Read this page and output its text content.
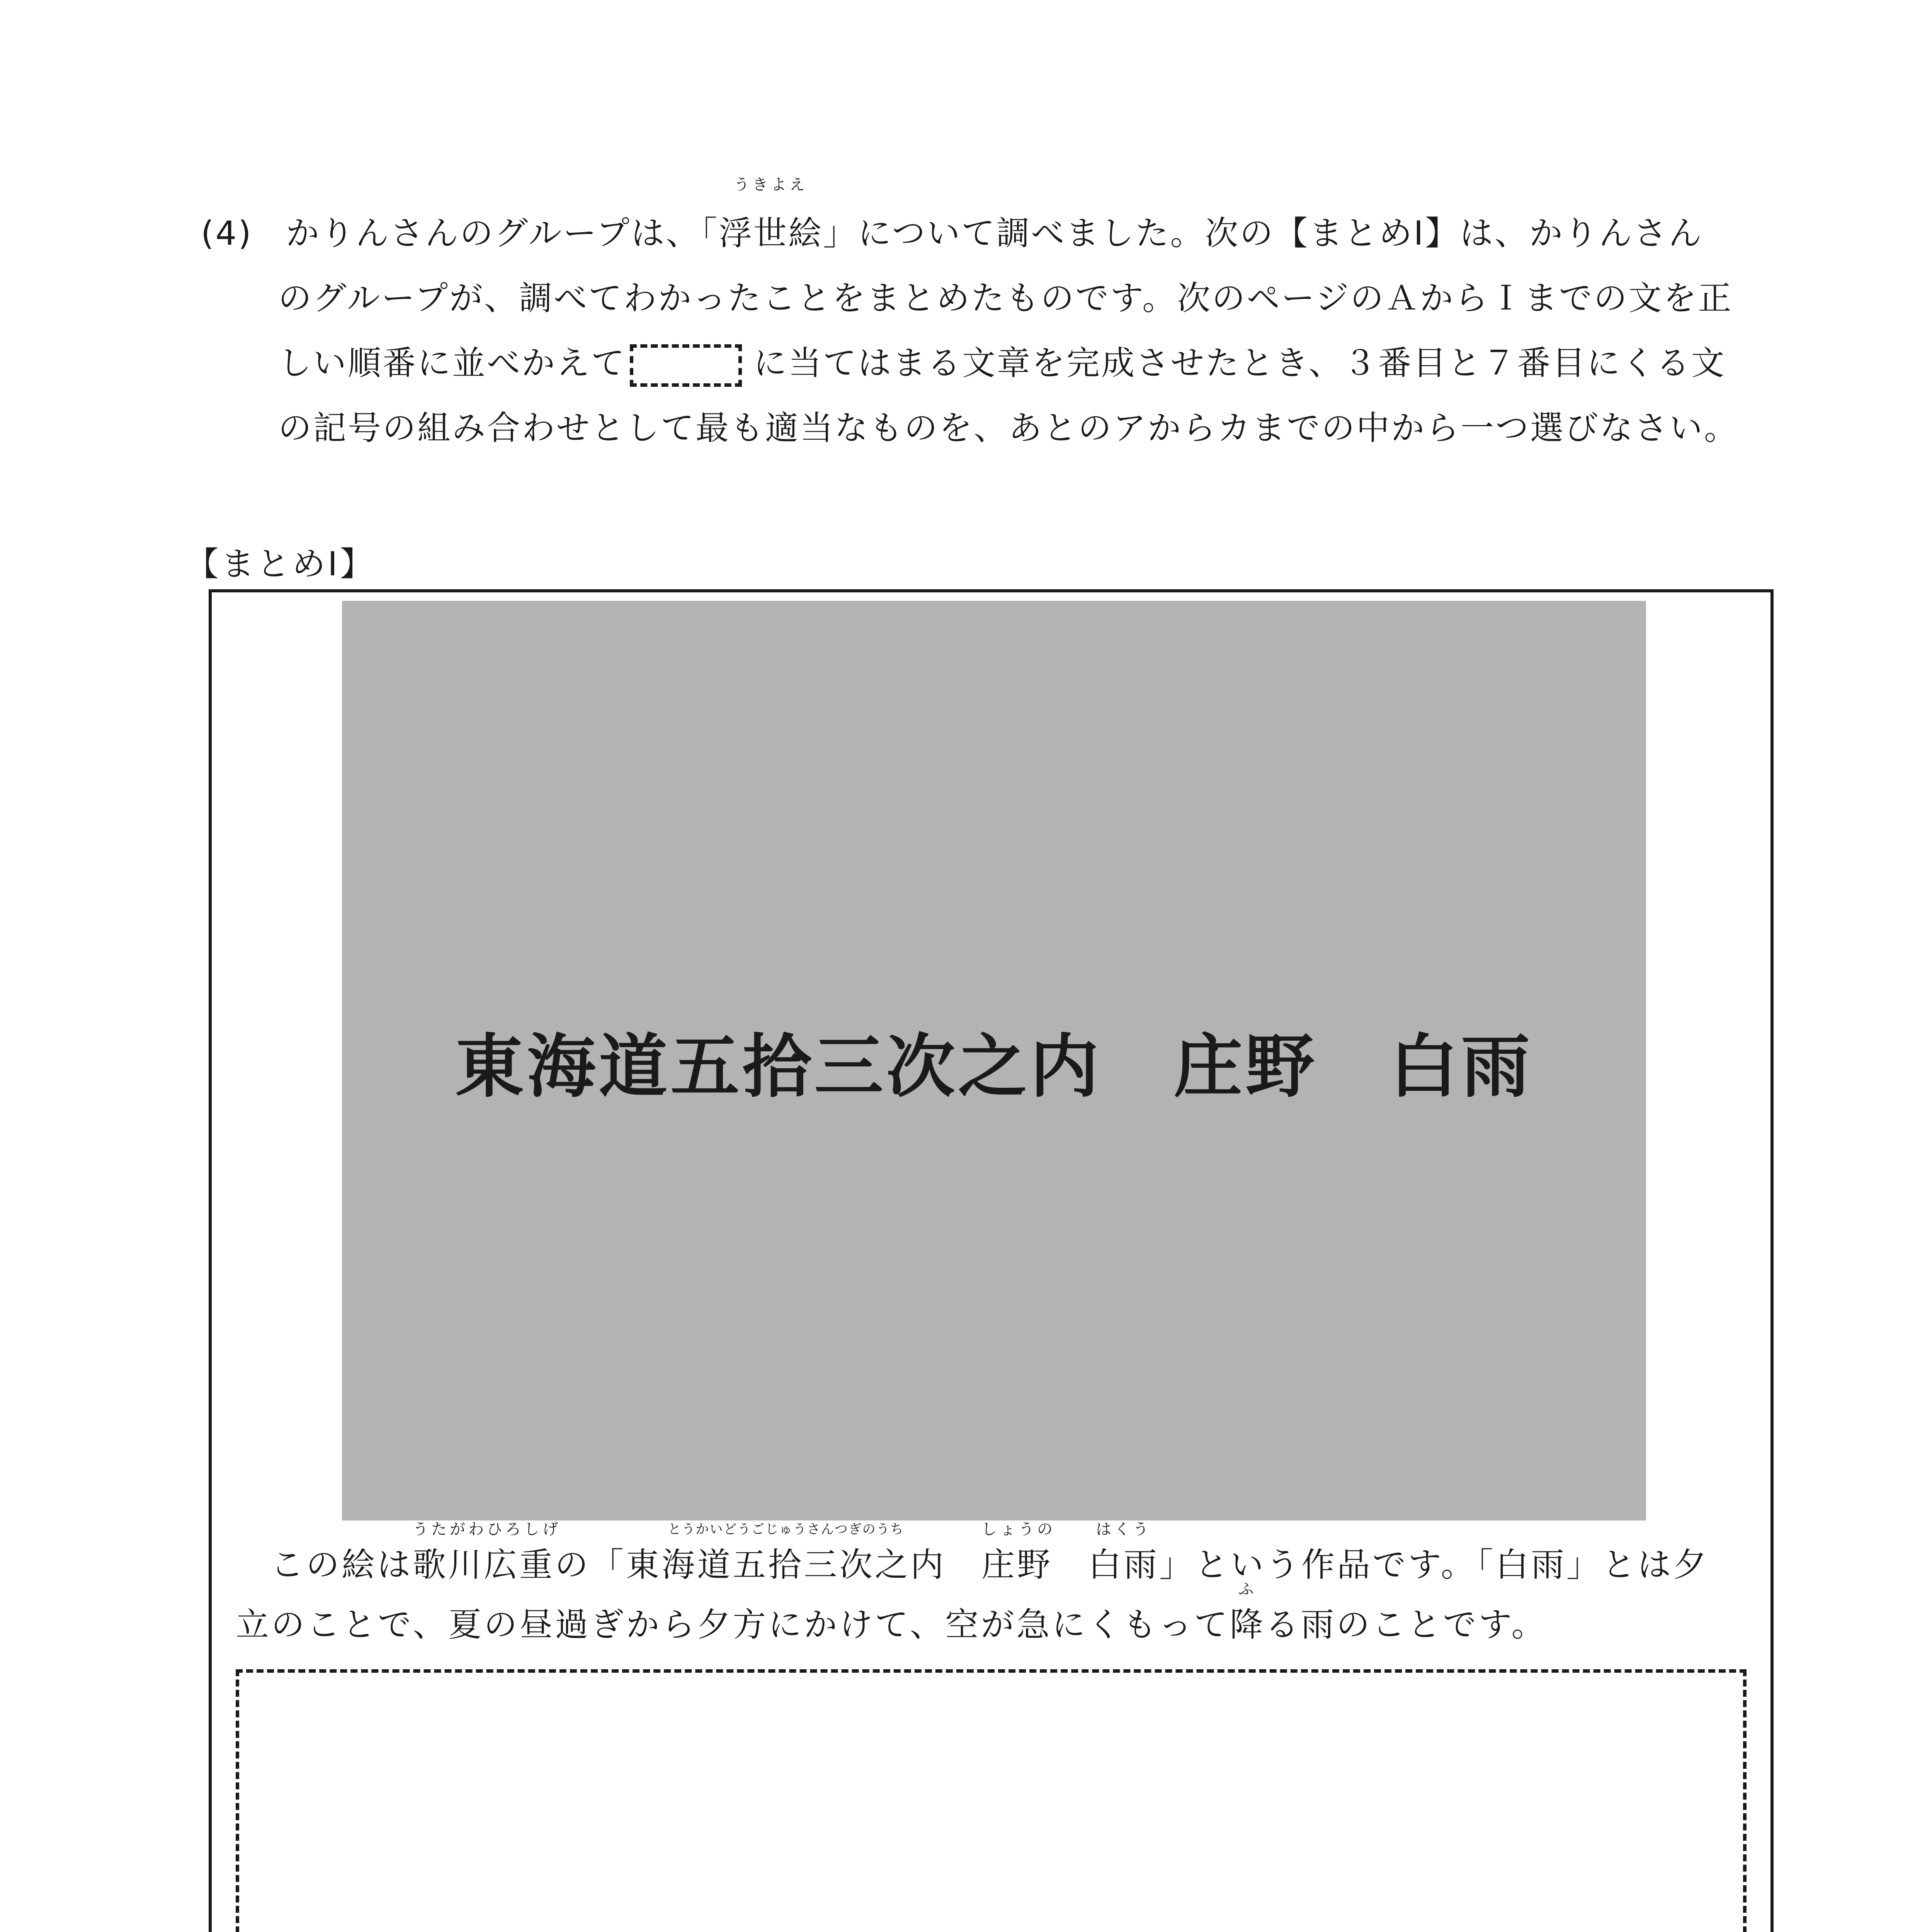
(4) かりんさんのグループは、「
うきよえ
浮世絵」について調べました。次の【まとめⅠ】は、かりんさん
のグループが、調べてわかったことをまとめたものです。次のページのＡからＩまでの文を正
しい順番に並べかえて	に当てはまる文章を完成させたとき、３番目と７番目にくる文
の記号の組み合わせとして最も適当なものを、あとのアからカまでの中から一つ選びなさい。
【まとめⅠ】
東海道五拾三次之内　庄野　白雨
この絵は
うたがわひろしげ
歌川広重の「
とうかいどうごじゅうさんつぎのうち
東海道五拾三次之内　
しょうの
庄野　
はくう
白雨」という作品です。「白雨」とは夕
立のことで、夏の昼過ぎから夕方にかけて、空が急にくもって
ふ
降る雨のことです。
